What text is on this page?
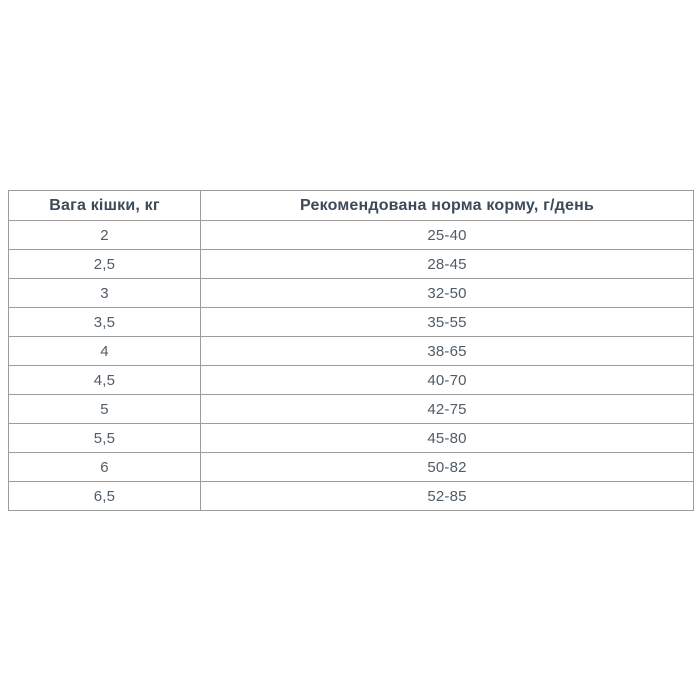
Вага кішки, кг	Рекомендована норма корму, г/день
2	25-40
2,5	28-45
3	32-50
3,5	35-55
4	38-65
4,5	40-70
5	42-75
5,5	45-80
6	50-82
6,5	52-85
